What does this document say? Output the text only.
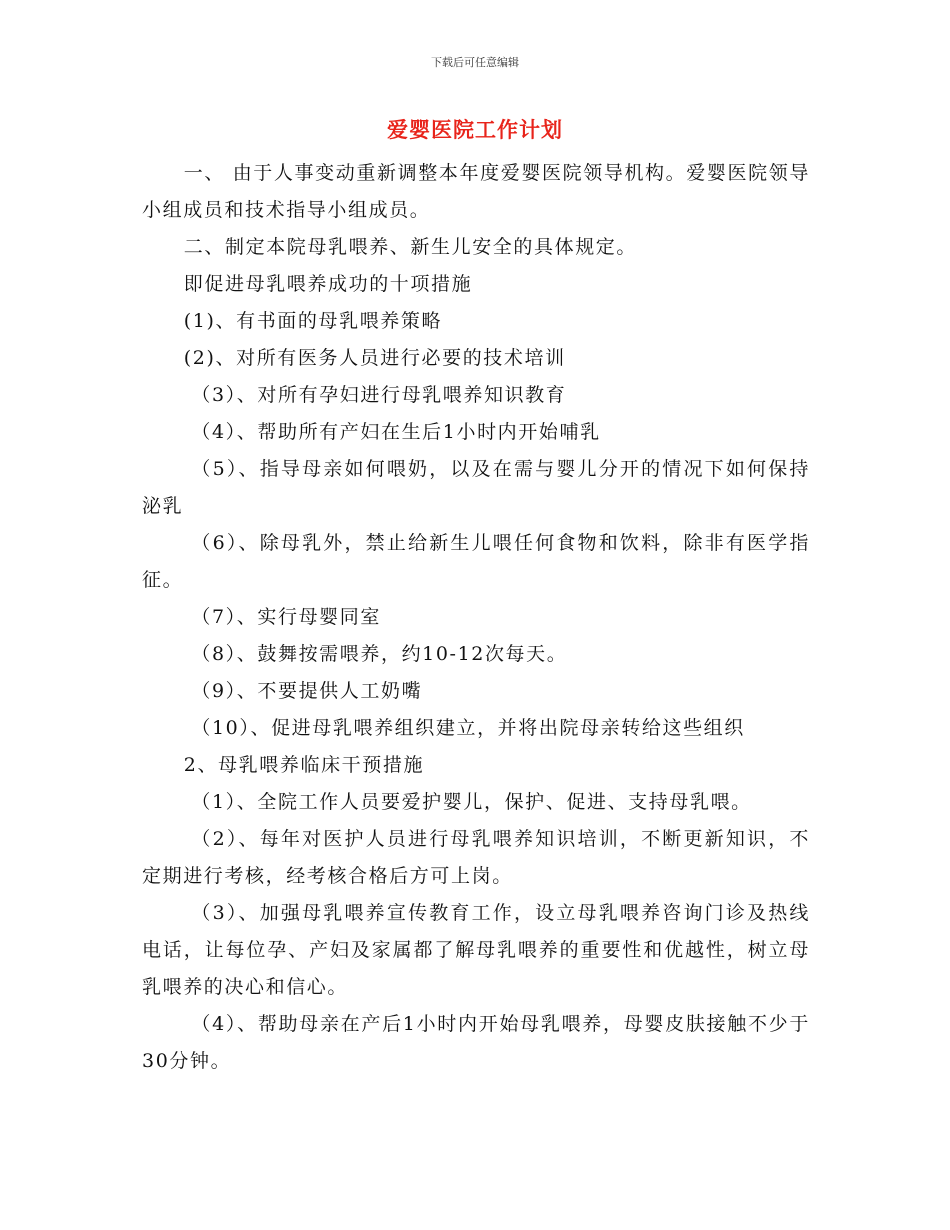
下载后可任意编辑
爱婴医院工作计划

一、 由于人事变动重新调整本年度爱婴医院领导机构。爱婴医院领导小组成员和技术指导小组成员。

二、制定本院母乳喂养、新生儿安全的具体规定。

即促进母乳喂养成功的十项措施

(1)、有书面的母乳喂养策略

(2)、对所有医务人员进行必要的技术培训

（3）、对所有孕妇进行母乳喂养知识教育

（4）、帮助所有产妇在生后1小时内开始哺乳

（5）、指导母亲如何喂奶，以及在需与婴儿分开的情况下如何保持泌乳

（6）、除母乳外，禁止给新生儿喂任何食物和饮料，除非有医学指征。

（7）、实行母婴同室

（8）、鼓舞按需喂养，约10-12次每天。

（9）、不要提供人工奶嘴

（10）、促进母乳喂养组织建立，并将出院母亲转给这些组织

2、母乳喂养临床干预措施

（1）、全院工作人员要爱护婴儿，保护、促进、支持母乳喂。

（2）、每年对医护人员进行母乳喂养知识培训，不断更新知识，不定期进行考核，经考核合格后方可上岗。

（3）、加强母乳喂养宣传教育工作，设立母乳喂养咨询门诊及热线电话，让每位孕、产妇及家属都了解母乳喂养的重要性和优越性，树立母乳喂养的决心和信心。

（4）、帮助母亲在产后1小时内开始母乳喂养，母婴皮肤接触不少于30分钟。
